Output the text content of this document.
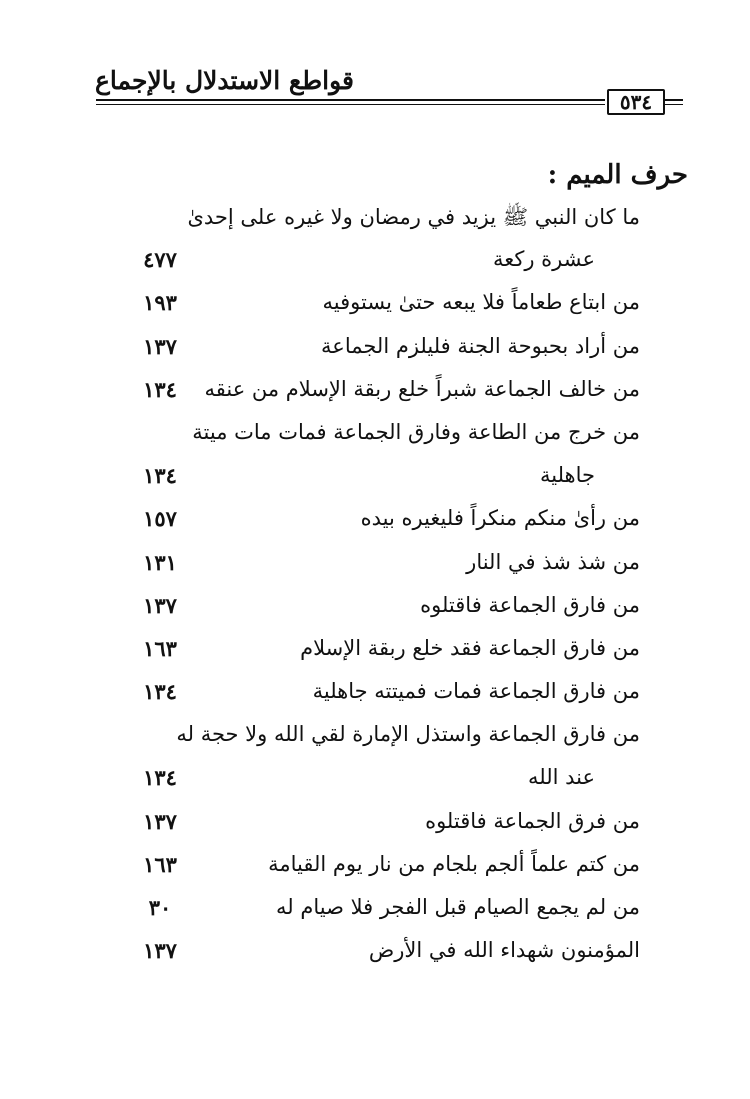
قواطع الاستدلال بالإجماع
٥٣٤
حرف الميم :
ما كان النبي ﷺ يزيد في رمضان ولا غيره على إحدىٰ
عشرة ركعة
٤٧٧
من ابتاع طعاماً فلا يبعه حتىٰ يستوفيه
١٩٣
من أراد بحبوحة الجنة فليلزم الجماعة
١٣٧
من خالف الجماعة شبراً خلع ربقة الإسلام من عنقه
١٣٤
من خرج من الطاعة وفارق الجماعة فمات مات ميتة
جاهلية
١٣٤
من رأىٰ منكم منكراً فليغيره بيده
١٥٧
من شذ شذ في النار
١٣١
من فارق الجماعة فاقتلوه
١٣٧
من فارق الجماعة فقد خلع ربقة الإسلام
١٦٣
من فارق الجماعة فمات فميتته جاهلية
١٣٤
من فارق الجماعة واستذل الإمارة لقي الله ولا حجة له
عند الله
١٣٤
من فرق الجماعة فاقتلوه
١٣٧
من كتم علماً ألجم بلجام من نار يوم القيامة
١٦٣
من لم يجمع الصيام قبل الفجر فلا صيام له
٣٠
المؤمنون شهداء الله في الأرض
١٣٧
